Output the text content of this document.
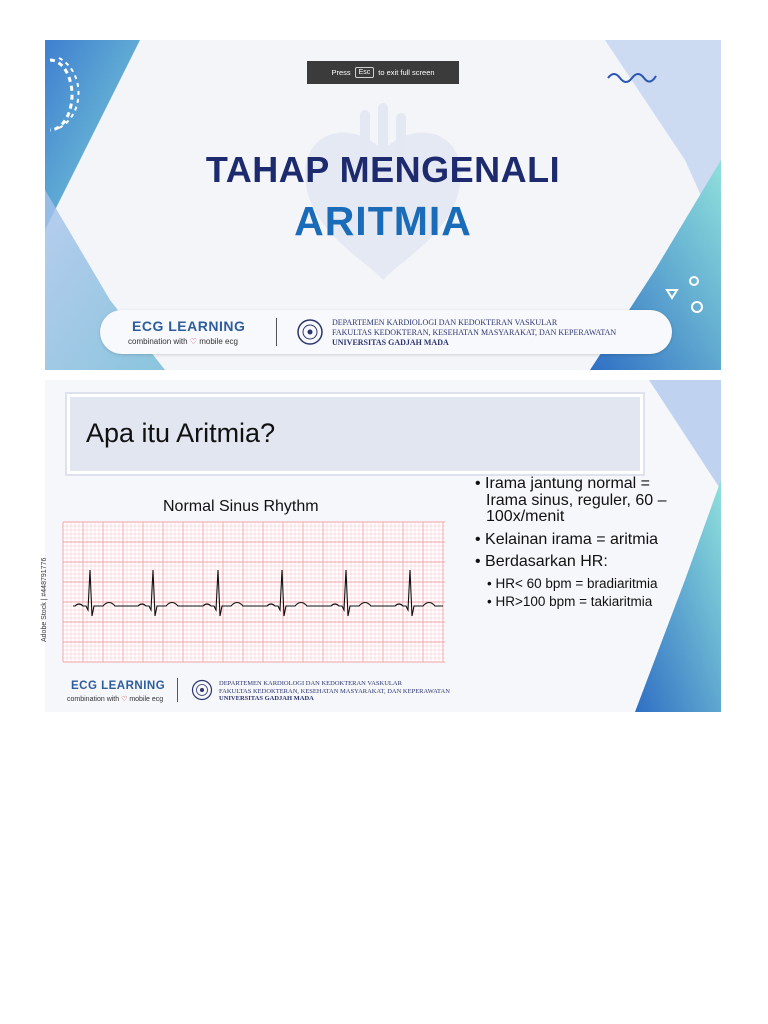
Press	Esc	to exit full screen
TAHAP MENGENALI
ARITMIA
ECG LEARNING
combination with ♡ mobile ecg
DEPARTEMEN KARDIOLOGI DAN KEDOKTERAN VASKULAR
FAKULTAS KEDOKTERAN, KESEHATAN MASYARAKAT, DAN KEPERAWATAN
UNIVERSITAS GADJAH MADA
Apa itu Aritmia?
Normal Sinus Rhythm
Adobe Stock | #448791776
• Irama jantung normal = Irama sinus, reguler, 60 – 100x/menit
• Kelainan irama = aritmia
• Berdasarkan HR:
• HR< 60 bpm = bradiaritmia
• HR>100 bpm = takiaritmia
ECG LEARNING
combination with ♡ mobile ecg
DEPARTEMEN KARDIOLOGI DAN KEDOKTERAN VASKULAR
FAKULTAS KEDOKTERAN, KESEHATAN MASYARAKAT, DAN KEPERAWATAN
UNIVERSITAS GADJAH MADA
